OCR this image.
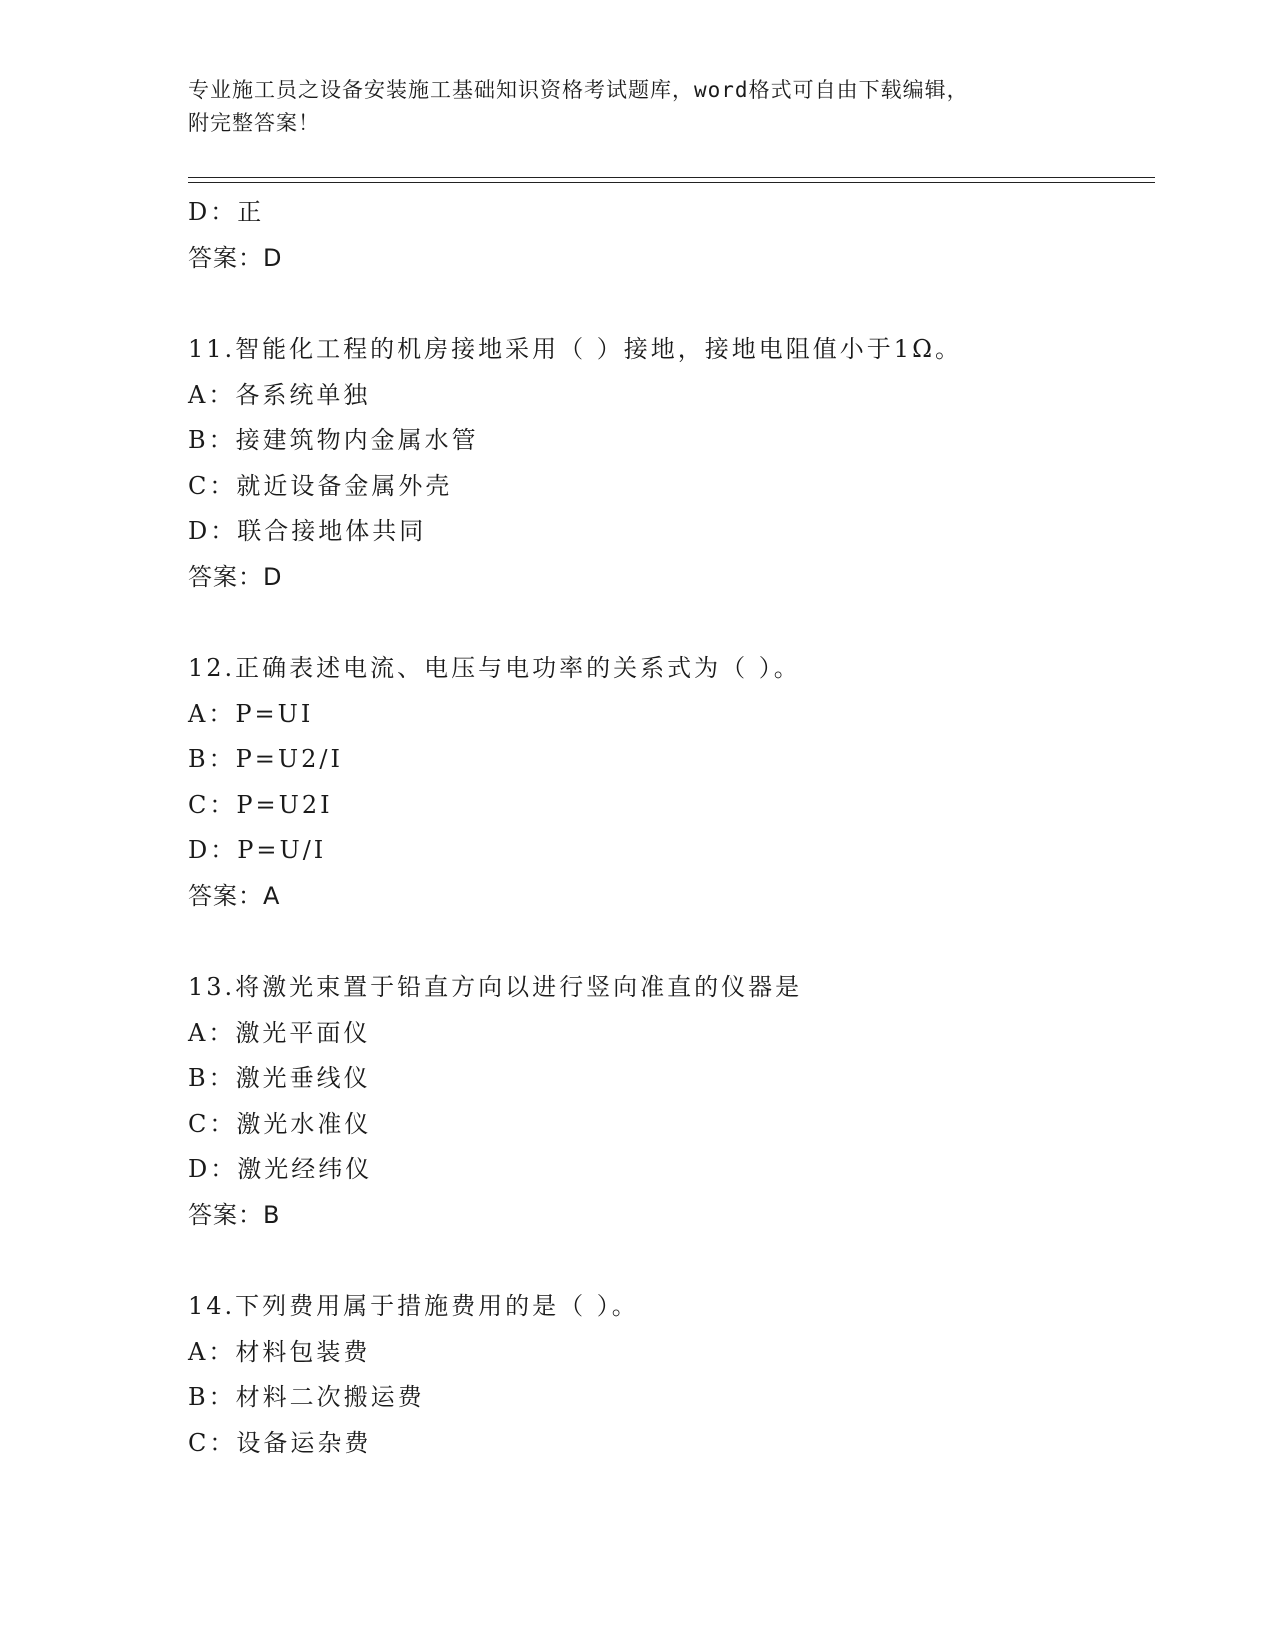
专业施工员之设备安装施工基础知识资格考试题库，word格式可自由下载编辑，
附完整答案！
D：正
答案：D
11.智能化工程的机房接地采用（ ）接地，接地电阻值小于1Ω。
A：各系统单独
B：接建筑物内金属水管
C：就近设备金属外壳
D：联合接地体共同
答案：D
12.正确表述电流、电压与电功率的关系式为（ ）。
A：P=UI
B：P=U2/I
C：P=U2I
D：P=U/I
答案：A
13.将激光束置于铅直方向以进行竖向准直的仪器是
A：激光平面仪
B：激光垂线仪
C：激光水准仪
D：激光经纬仪
答案：B
14.下列费用属于措施费用的是（ ）。
A：材料包装费
B：材料二次搬运费
C：设备运杂费
